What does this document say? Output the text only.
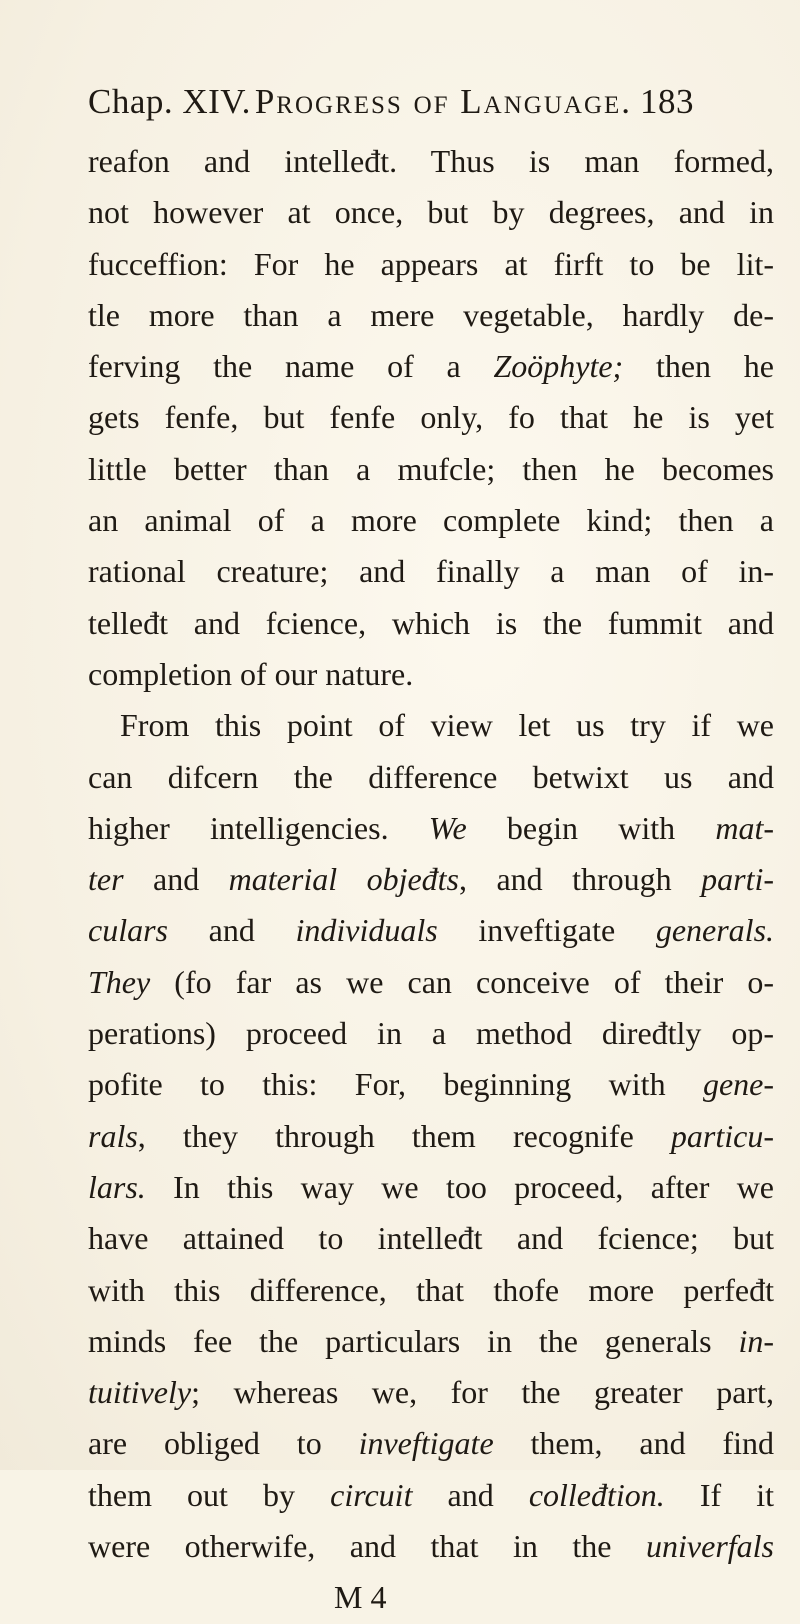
Chap. XIV. Progress of Language. 183
reafon and intelleđt. Thus is man formed,
not however at once, but by degrees, and in
fucceffion: For he appears at firft to be lit-
tle more than a mere vegetable, hardly de-
ferving the name of a Zoöphyte; then he
gets fenfe, but fenfe only, fo that he is yet
little better than a mufcle; then he becomes
an animal of a more complete kind; then a
rational creature; and finally a man of in-
telleđt and fcience, which is the fummit and
completion of our nature.
From this point of view let us try if we
can difcern the difference betwixt us and
higher intelligencies. We begin with mat-
ter and material objeđts, and through parti-
culars and individuals inveftigate generals.
They (fo far as we can conceive of their o-
perations) proceed in a method diređtly op-
pofite to this: For, beginning with gene-
rals, they through them recognife particu-
lars. In this way we too proceed, after we
have attained to intelleđt and fcience; but
with this difference, that thofe more perfeđt
minds fee the particulars in the generals in-
tuitively; whereas we, for the greater part,
are obliged to inveftigate them, and find
them out by circuit and colleđtion. If it
were otherwife, and that in the univerfals
M 4
